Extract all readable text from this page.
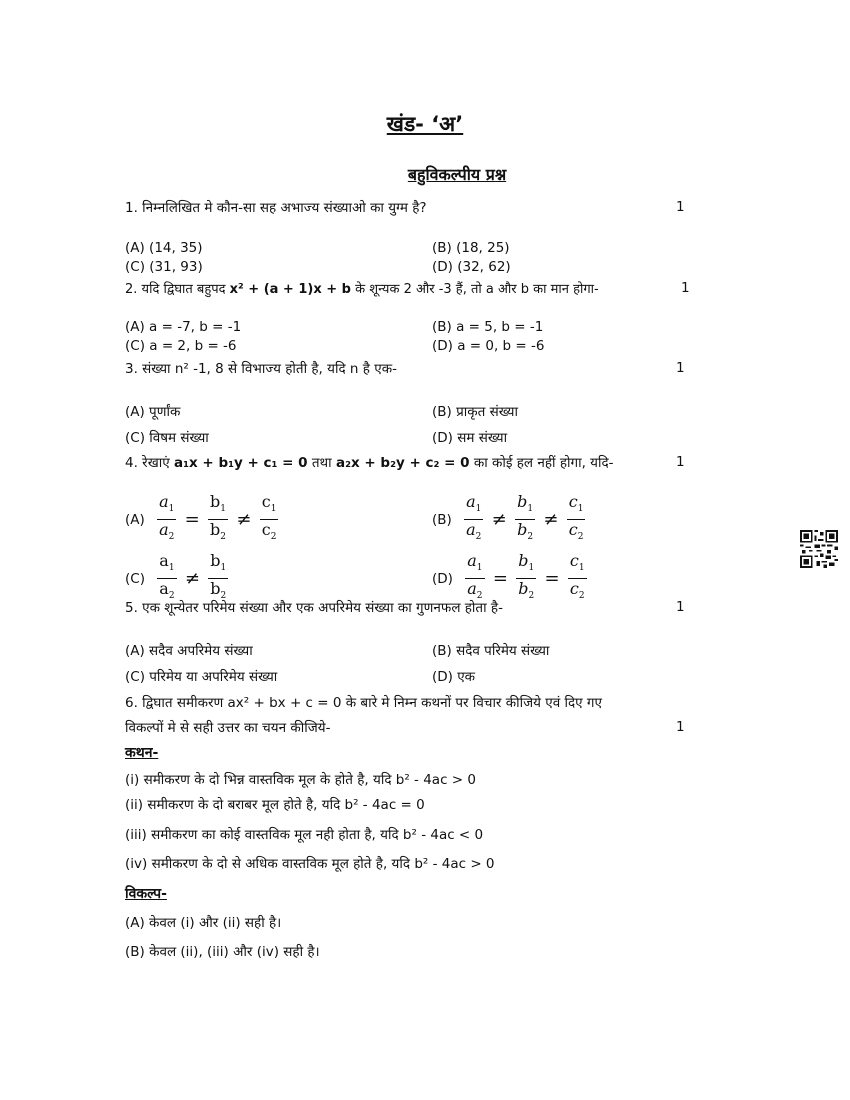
खंड- ‘अ’
बहुविकल्पीय प्रश्न
1. निम्नलिखित मे कौन-सा सह अभाज्य संख्याओ का युग्म है?	1
(A) (14, 35)	(B) (18, 25)
(C) (31, 93)	(D) (32, 62)
2. यदि द्विघात बहुपद x² + (a + 1)x + b के शून्यक 2 और -3 हैं, तो a और b का मान होगा-	1
(A) a = -7, b = -1	(B) a = 5, b = -1
(C) a = 2, b = -6	(D) a = 0, b = -6
3. संख्या n² -1, 8 से विभाज्य होती है, यदि n है एक-	1
(A) पूर्णांक	(B) प्राकृत संख्या
(C) विषम संख्या	(D) सम संख्या
4. रेखाएं a₁x + b₁y + c₁ = 0 तथा a₂x + b₂y + c₂ = 0 का कोई हल नहीं होगा, यदि-	1
$(A) \frac{a_1}{a_2} = \frac{b_1}{b_2} \ne \frac{c_1}{c_2}$	$(B) \frac{a_1}{a_2} \ne \frac{b_1}{b_2} \ne \frac{c_1}{c_2}$
$(C) \frac{a_1}{a_2} \ne \frac{b_1}{b_2}$	$(D) \frac{a_1}{a_2} = \frac{b_1}{b_2} = \frac{c_1}{c_2}$
5. एक शून्येतर परिमेय संख्या और एक अपरिमेय संख्या का गुणनफल होता है-	1
(A) सदैव अपरिमेय संख्या	(B) सदैव परिमेय संख्या
(C) परिमेय या अपरिमेय संख्या	(D) एक
6. द्विघात समीकरण ax² + bx + c = 0 के बारे मे निम्न कथनों पर विचार कीजिये एवं दिए गए
विकल्पों मे से सही उत्तर का चयन कीजिये-	1
कथन-
(i) समीकरण के दो भिन्न वास्तविक मूल के होते है, यदि b² - 4ac > 0
(ii) समीकरण के दो बराबर मूल होते है, यदि b² - 4ac = 0
(iii) समीकरण का कोई वास्तविक मूल नही होता है, यदि b² - 4ac < 0
(iv) समीकरण के दो से अधिक वास्तविक मूल होते है, यदि b² - 4ac > 0
विकल्प-
(A) केवल (i) और (ii) सही है।
(B) केवल (ii), (iii) और (iv) सही है।
